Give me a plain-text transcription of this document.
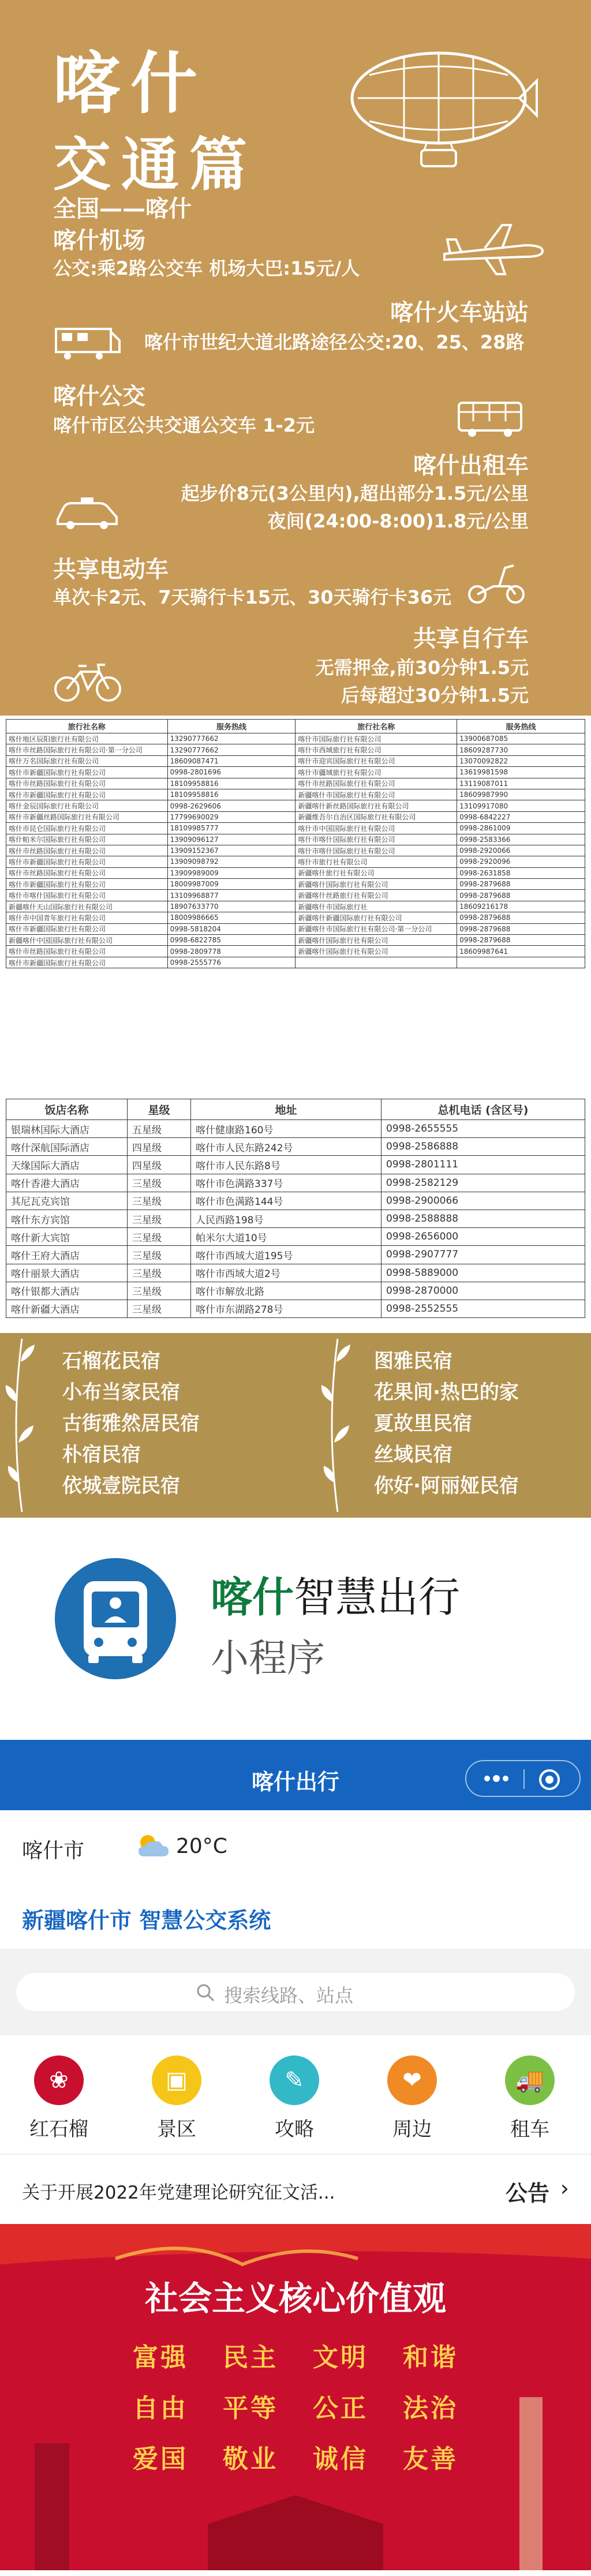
喀什
交通篇
全国——喀什
喀什机场
公交:乘2路公交车 机场大巴:15元/人
喀什火车站站
喀什市世纪大道北路途径公交:20、25、28路
喀什公交
喀什市区公共交通公交车 1-2元
喀什出租车
起步价8元(3公里内),超出部分1.5元/公里
夜间(24:00-8:00)1.8元/公里
共享电动车
单次卡2元、7天骑行卡15元、30天骑行卡36元
共享自行车
无需押金,前30分钟1.5元
后每超过30分钟1.5元
旅行社名称	服务热线	旅行社名称	服务热线
喀什地区辰阳旅行社有限公司	13290777662	喀什市国际旅行社有限公司	13900687085
喀什市丝路国际旅行社有限公司·第一分公司	13290777662	喀什市西域旅行社有限公司	18609287730
喀什万名国际旅行社有限公司	18609087471	喀什市迎宾国际旅行社有限公司	13070092822
喀什市新疆国际旅行社有限公司	0998-2801696	喀什市疆域旅行社有限公司	13619981598
喀什市丝路国际旅行社有限公司	18109958816	喀什市丝路国际旅行社有限公司	13119087011
喀什市新疆国际旅行社有限公司	18109958816	新疆喀什市国际旅行社有限公司	18609987990
喀什金辰国际旅行社有限公司	0998-2629606	新疆喀什新丝路国际旅行社有限公司	13109917080
喀什市新疆丝路国际旅行社有限公司	17799690029	新疆维吾尔自治区国际旅行社有限公司	0998-6842227
喀什市昆仑国际旅行社有限公司	18109985777	喀什市中国国际旅行社有限公司	0998-2861009
喀什帕米尔国际旅行社有限公司	13909096127	喀什市喀什国际旅行社有限公司	0998-2583366
喀什市丝路国际旅行社有限公司	13909152367	喀什市喀什国际旅行社有限公司	0998-2920066
喀什市新疆国际旅行社有限公司	13909098792	喀什市旅行社有限公司	0998-2920096
喀什市丝路国际旅行社有限公司	13909989009	新疆喀什旅行社有限公司	0998-2631858
喀什市新疆国际旅行社有限公司	18009987009	新疆喀什国际旅行社有限公司	0998-2879688
喀什市喀什国际旅行社有限公司	13109968877	新疆喀什丝路旅行社有限公司	0998-2879688
新疆喀什天山国际旅行社有限公司	18907633770	新疆喀什市国际旅行社	18609216178
喀什市中国青年旅行社有限公司	18009986665	新疆喀什新疆国际旅行社有限公司	0998-2879688
喀什市新疆国际旅行社有限公司	0998-5818204	新疆喀什市国际旅行社有限公司·第一分公司	0998-2879688
新疆喀什中国国际旅行社有限公司	0998-6822785	新疆喀什国际旅行社有限公司	0998-2879688
喀什市丝路国际旅行社有限公司	0998-2809778	新疆喀什国际旅行社有限公司	18609987641
喀什市新疆国际旅行社有限公司	0998-2555776		
饭店名称	星级	地址	总机电话 (含区号)
银瑞林国际大酒店	五星级	喀什健康路160号	0998-2655555
喀什深航国际酒店	四星级	喀什市人民东路242号	0998-2586888
天缘国际大酒店	四星级	喀什市人民东路8号	0998-2801111
喀什香港大酒店	三星级	喀什市色满路337号	0998-2582129
其尼瓦克宾馆	三星级	喀什市色满路144号	0998-2900066
喀什东方宾馆	三星级	人民西路198号	0998-2588888
喀什新大宾馆	三星级	帕米尔大道10号	0998-2656000
喀什王府大酒店	三星级	喀什市西域大道195号	0998-2907777
喀什丽景大酒店	三星级	喀什市西域大道2号	0998-5889000
喀什银都大酒店	三星级	喀什市解放北路	0998-2870000
喀什新疆大酒店	三星级	喀什市东湖路278号	0998-2552555
石榴花民宿
小布当家民宿
古街雅然居民宿
朴宿民宿
依城壹院民宿
图雅民宿
花果间·热巴的家
夏故里民宿
丝域民宿
你好·阿丽娅民宿
喀什智慧出行
小程序
喀什出行
喀什市	20°C
新疆喀什市 智慧公交系统
搜索线路、站点
❀
红石榴
▣
景区
✎
攻略
❤
周边
🚚
租车
关于开展2022年党建理论研究征文活...	公告 ›
社会主义核心价值观
富强 民主 文明 和谐
自由 平等 公正 法治
爱国 敬业 诚信 友善
